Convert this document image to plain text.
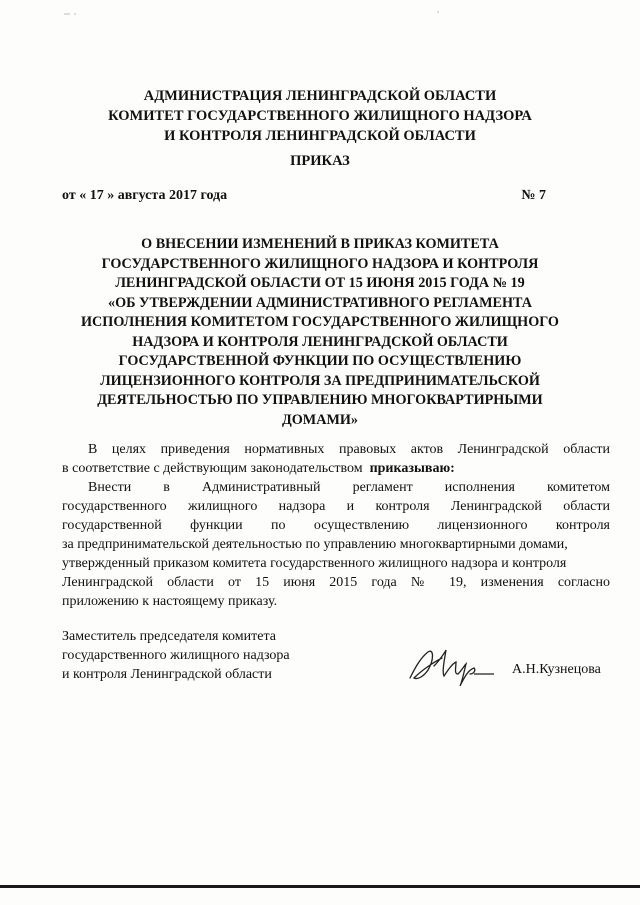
АДМИНИСТРАЦИЯ ЛЕНИНГРАДСКОЙ ОБЛАСТИ
КОМИТЕТ ГОСУДАРСТВЕННОГО ЖИЛИЩНОГО НАДЗОРА
И КОНТРОЛЯ ЛЕНИНГРАДСКОЙ ОБЛАСТИ
ПРИКАЗ
от « 17 » августа 2017 года	№ 7
О ВНЕСЕНИИ ИЗМЕНЕНИЙ В ПРИКАЗ КОМИТЕТА
ГОСУДАРСТВЕННОГО ЖИЛИЩНОГО НАДЗОРА И КОНТРОЛЯ
ЛЕНИНГРАДСКОЙ ОБЛАСТИ ОТ 15 ИЮНЯ 2015 ГОДА № 19
«ОБ УТВЕРЖДЕНИИ АДМИНИСТРАТИВНОГО РЕГЛАМЕНТА
ИСПОЛНЕНИЯ КОМИТЕТОМ ГОСУДАРСТВЕННОГО ЖИЛИЩНОГО
НАДЗОРА И КОНТРОЛЯ ЛЕНИНГРАДСКОЙ ОБЛАСТИ
ГОСУДАРСТВЕННОЙ ФУНКЦИИ ПО ОСУЩЕСТВЛЕНИЮ
ЛИЦЕНЗИОННОГО КОНТРОЛЯ ЗА ПРЕДПРИНИМАТЕЛЬСКОЙ
ДЕЯТЕЛЬНОСТЬЮ ПО УПРАВЛЕНИЮ МНОГОКВАРТИРНЫМИ
ДОМАМИ»

В целях приведения нормативных правовых актов Ленинградской области

в соответствие с действующим законодательством приказываю:

Внести в Административный регламент исполнения комитетом

государственного жилищного надзора и контроля Ленинградской области
государственной функции по осуществлению лицензионного контроля
за предпринимательской деятельностью по управлению многоквартирными домами,
утвержденный приказом комитета государственного жилищного надзора и контроля
Ленинградской области от 15 июня 2015 года № 19, изменения согласно
приложению к настоящему приказу.
Заместитель председателя комитета
государственного жилищного надзора
и контроля Ленинградской области	А.Н.Кузнецова
